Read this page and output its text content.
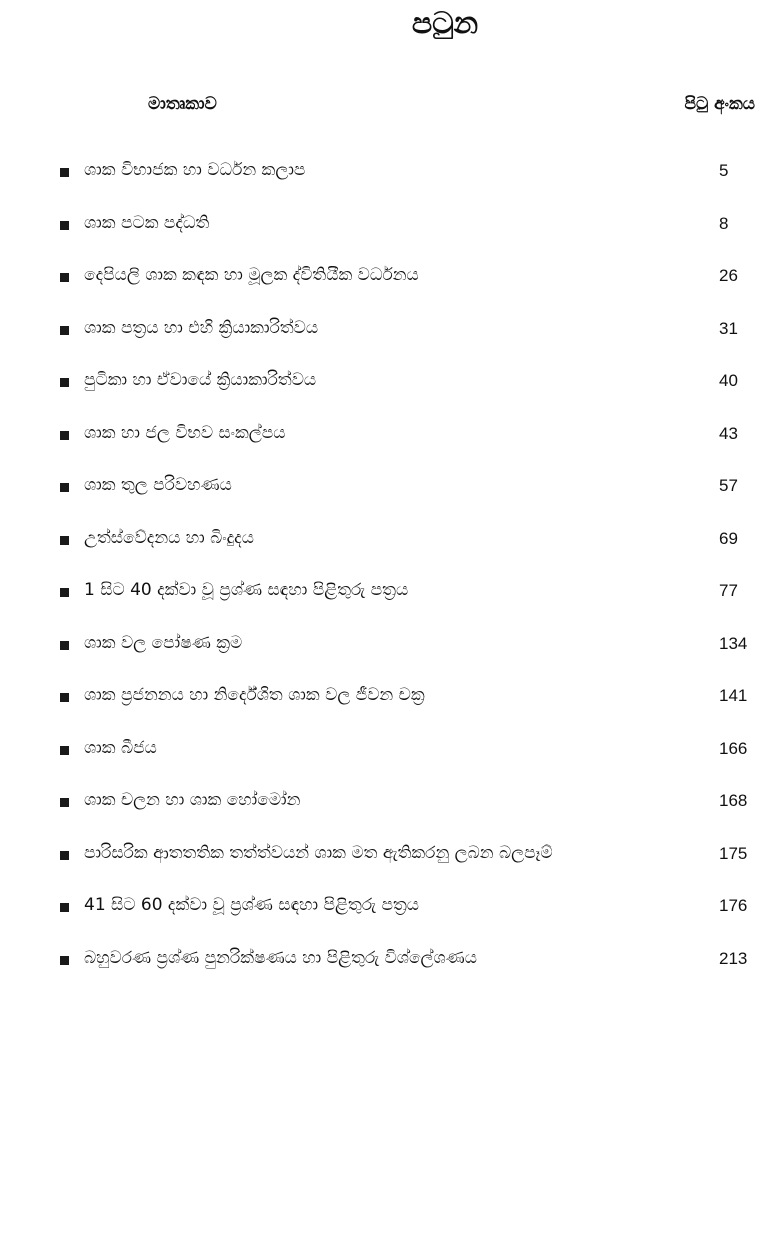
පටුන
මාතෘකාව	පිටු අංකය
ශාක විභාජක හා වර්ධන කලාප	5
ශාක පටක පද්ධති	8
දෙපියලි ශාක කඳක හා මූලක ද්විතියීක වර්ධනය	26
ශාක පත්‍රය හා එහි ක්‍රියාකාරිත්වය	31
පුටිකා හා ඒවායේ ක්‍රියාකාරිත්වය	40
ශාක හා ජල විභව සංකල්පය	43
ශාක තුල පරිවහණය	57
උත්ස්වේදනය හා බිංදුදය	69
1 සිට 40 දක්වා වූ ප්‍රශ්ණ සඳහා පිළිතුරු පත්‍රය	77
ශාක වල පෝෂණ ක්‍රම	134
ශාක ප්‍රජනනය හා නිර්දේශිත ශාක වල ජීවන චක්‍ර	141
ශාක බීජය	166
ශාක චලන හා ශාක හෝමෝන	168
පාරිසරික ආතතතික තත්ත්වයන් ශාක මත ඇතිකරනු ලබන බලපෑම්	175
41 සිට 60 දක්වා වූ ප්‍රශ්ණ සඳහා පිළිතුරු පත්‍රය	176
බහුවරණ ප්‍රශ්ණ පුනරික්ෂණය හා පිළිතුරු විශ්ලේශණය	213
